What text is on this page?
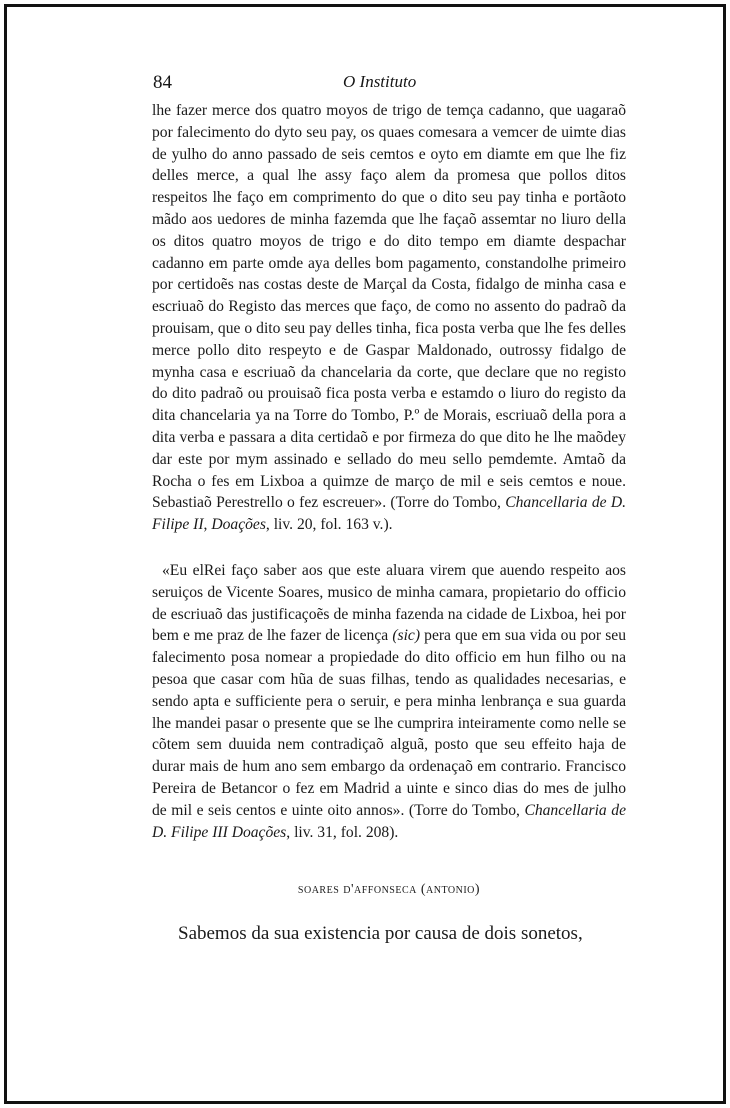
84	O Instituto

lhe fazer merce dos quatro moyos de trigo de temça cadanno, que uagaraõ por falecimento do dyto seu pay, os quaes comesara a vemcer de uimte dias de yulho do anno passado de seis cemtos e oyto em diamte em que lhe fiz delles merce, a qual lhe assy faço alem da promesa que pollos ditos respeitos lhe faço em comprimento do que o dito seu pay tinha e portãoto mãdo aos uedores de minha fazemda que lhe façaõ assemtar no liuro della os ditos quatro moyos de trigo e do dito tempo em diamte despachar cadanno em parte omde aya delles bom pagamento, constandolhe primeiro por certidoẽs nas costas deste de Marçal da Costa, fidalgo de minha casa e escriuaõ do Registo das merces que faço, de como no assento do padraõ da prouisam, que o dito seu pay delles tinha, fica posta verba que lhe fes delles merce pollo dito respeyto e de Gaspar Maldonado, outrossy fidalgo de mynha casa e escriuaõ da chancelaria da corte, que declare que no registo do dito padraõ ou prouisaõ fica posta verba e estamdo o liuro do registo da dita chancelaria ya na Torre do Tombo, P.º de Morais, escriuaõ della pora a dita verba e passara a dita certidaõ e por firmeza do que dito he lhe maõdey dar este por mym assinado e sellado do meu sello pemdemte. Amtaõ da Rocha o fes em Lixboa a quimze de março de mil e seis cemtos e noue. Sebastiaõ Perestrello o fez escreuer». (Torre do Tombo, Chancellaria de D. Filipe II, Doações, liv. 20, fol. 163 v.).

«Eu elRei faço saber aos que este aluara virem que auendo respeito aos seruiços de Vicente Soares, musico de minha camara, propietario do officio de escriuaõ das justificaçoẽs de minha fazenda na cidade de Lixboa, hei por bem e me praz de lhe fazer de licença (sic) pera que em sua vida ou por seu falecimento posa nomear a propiedade do dito officio em hun filho ou na pesoa que casar com hũa de suas filhas, tendo as qualidades necesarias, e sendo apta e sufficiente pera o seruir, e pera minha lenbrança e sua guarda lhe mandei pasar o presente que se lhe cumprira inteiramente como nelle se cõtem sem duuida nem contradiçaõ alguã, posto que seu effeito haja de durar mais de hum ano sem embargo da ordenaçaõ em contrario. Francisco Pereira de Betancor o fez em Madrid a uinte e sinco dias do mes de julho de mil e seis centos e uinte oito annos». (Torre do Tombo, Chancellaria de D. Filipe III Doações, liv. 31, fol. 208).

soares d'affonseca (antonio)

Sabemos da sua existencia por causa de dois sonetos,
